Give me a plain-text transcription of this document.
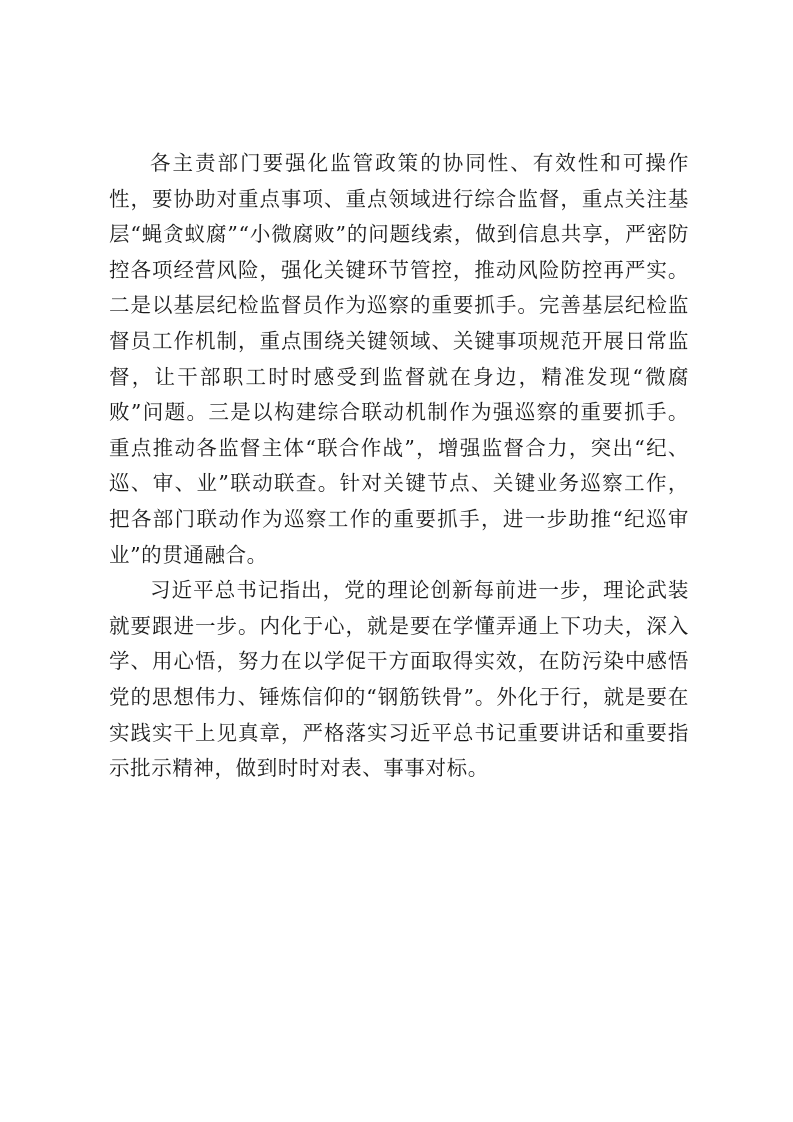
各主责部门要强化监管政策的协同性、有效性和可操作性，要协助对重点事项、重点领域进行综合监督，重点关注基层“蝇贪蚁腐”“小微腐败”的问题线索，做到信息共享，严密防控各项经营风险，强化关键环节管控，推动风险防控再严实。二是以基层纪检监督员作为巡察的重要抓手。完善基层纪检监督员工作机制，重点围绕关键领域、关键事项规范开展日常监督，让干部职工时时感受到监督就在身边，精准发现“微腐败”问题。三是以构建综合联动机制作为强巡察的重要抓手。重点推动各监督主体“联合作战”，增强监督合力，突出“纪、巡、审、业”联动联查。针对关键节点、关键业务巡察工作，把各部门联动作为巡察工作的重要抓手，进一步助推“纪巡审业”的贯通融合。

习近平总书记指出，党的理论创新每前进一步，理论武装就要跟进一步。内化于心，就是要在学懂弄通上下功夫，深入学、用心悟，努力在以学促干方面取得实效，在防污染中感悟党的思想伟力、锤炼信仰的“钢筋铁骨”。外化于行，就是要在实践实干上见真章，严格落实习近平总书记重要讲话和重要指示批示精神，做到时时对表、事事对标。
